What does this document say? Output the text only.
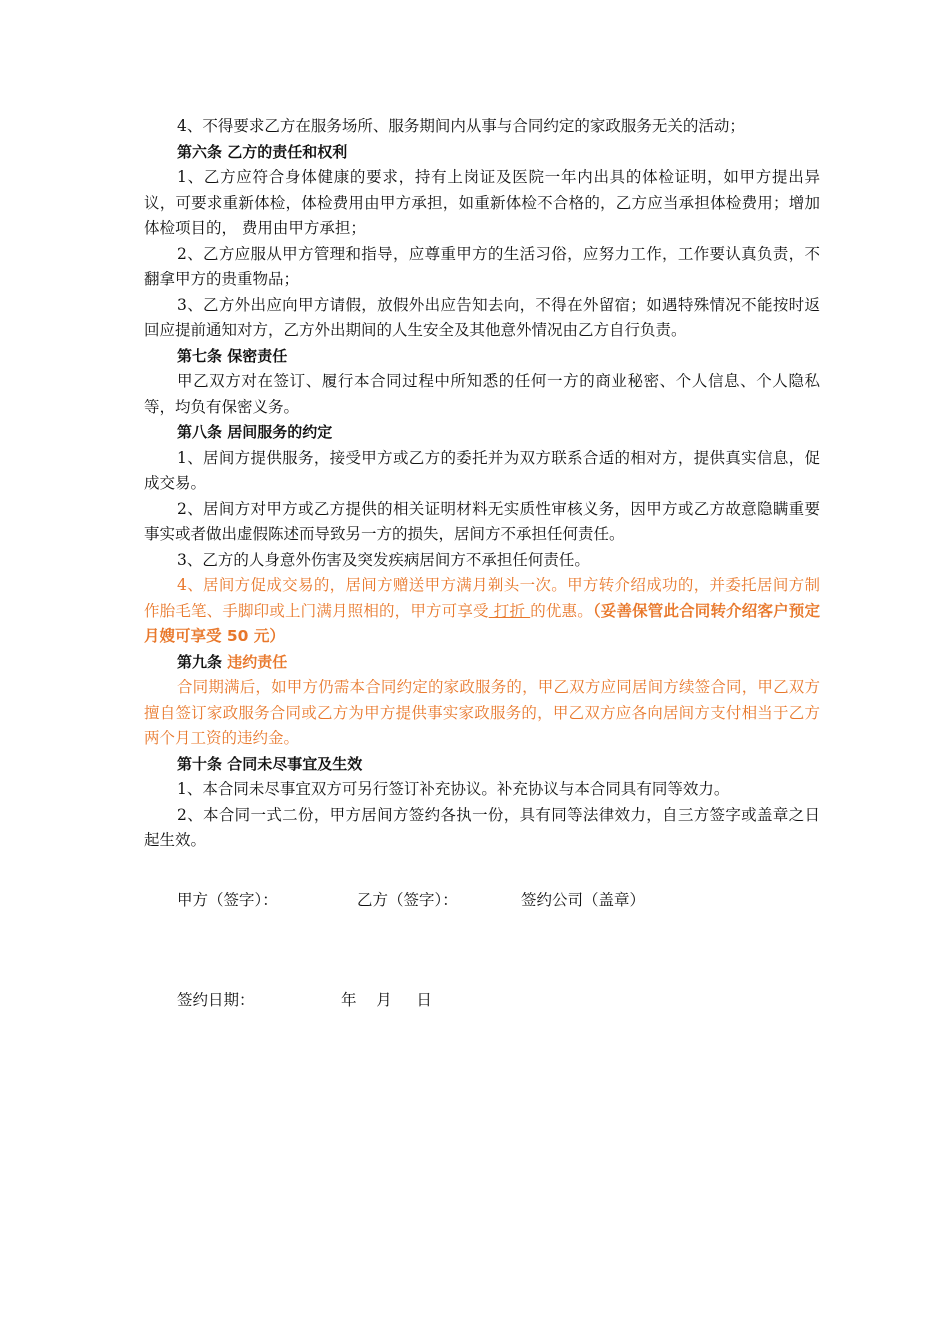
4、不得要求乙方在服务场所、服务期间内从事与合同约定的家政服务无关的活动；

第六条 乙方的责任和权利

1、乙方应符合身体健康的要求，持有上岗证及医院一年内出具的体检证明，如甲方提出异议，可要求重新体检，体检费用由甲方承担，如重新体检不合格的，乙方应当承担体检费用；增加体检项目的， 费用由甲方承担；

2、乙方应服从甲方管理和指导，应尊重甲方的生活习俗，应努力工作，工作要认真负责，不翻拿甲方的贵重物品；

3、乙方外出应向甲方请假，放假外出应告知去向，不得在外留宿；如遇特殊情况不能按时返回应提前通知对方，乙方外出期间的人生安全及其他意外情况由乙方自行负责。

第七条 保密责任

甲乙双方对在签订、履行本合同过程中所知悉的任何一方的商业秘密、个人信息、个人隐私等，均负有保密义务。

第八条 居间服务的约定

1、居间方提供服务，接受甲方或乙方的委托并为双方联系合适的相对方，提供真实信息，促成交易。

2、居间方对甲方或乙方提供的相关证明材料无实质性审核义务，因甲方或乙方故意隐瞒重要事实或者做出虚假陈述而导致另一方的损失，居间方不承担任何责任。

3、乙方的人身意外伤害及突发疾病居间方不承担任何责任。

4、居间方促成交易的，居间方赠送甲方满月剃头一次。甲方转介绍成功的，并委托居间方制作胎毛笔、手脚印或上门满月照相的，甲方可享受 打折 的优惠。（妥善保管此合同转介绍客户预定月嫂可享受 50 元）

第九条 违约责任

合同期满后，如甲方仍需本合同约定的家政服务的，甲乙双方应同居间方续签合同，甲乙双方擅自签订家政服务合同或乙方为甲方提供事实家政服务的，甲乙双方应各向居间方支付相当于乙方两个月工资的违约金。

第十条 合同未尽事宜及生效

1、本合同未尽事宜双方可另行签订补充协议。补充协议与本合同具有同等效力。

2、本合同一式二份，甲方居间方签约各执一份，具有同等法律效力，自三方签字或盖章之日起生效。

甲方（签字）：	乙方（签字）：	签约公司（盖章）
签约日期：	年    月     日
